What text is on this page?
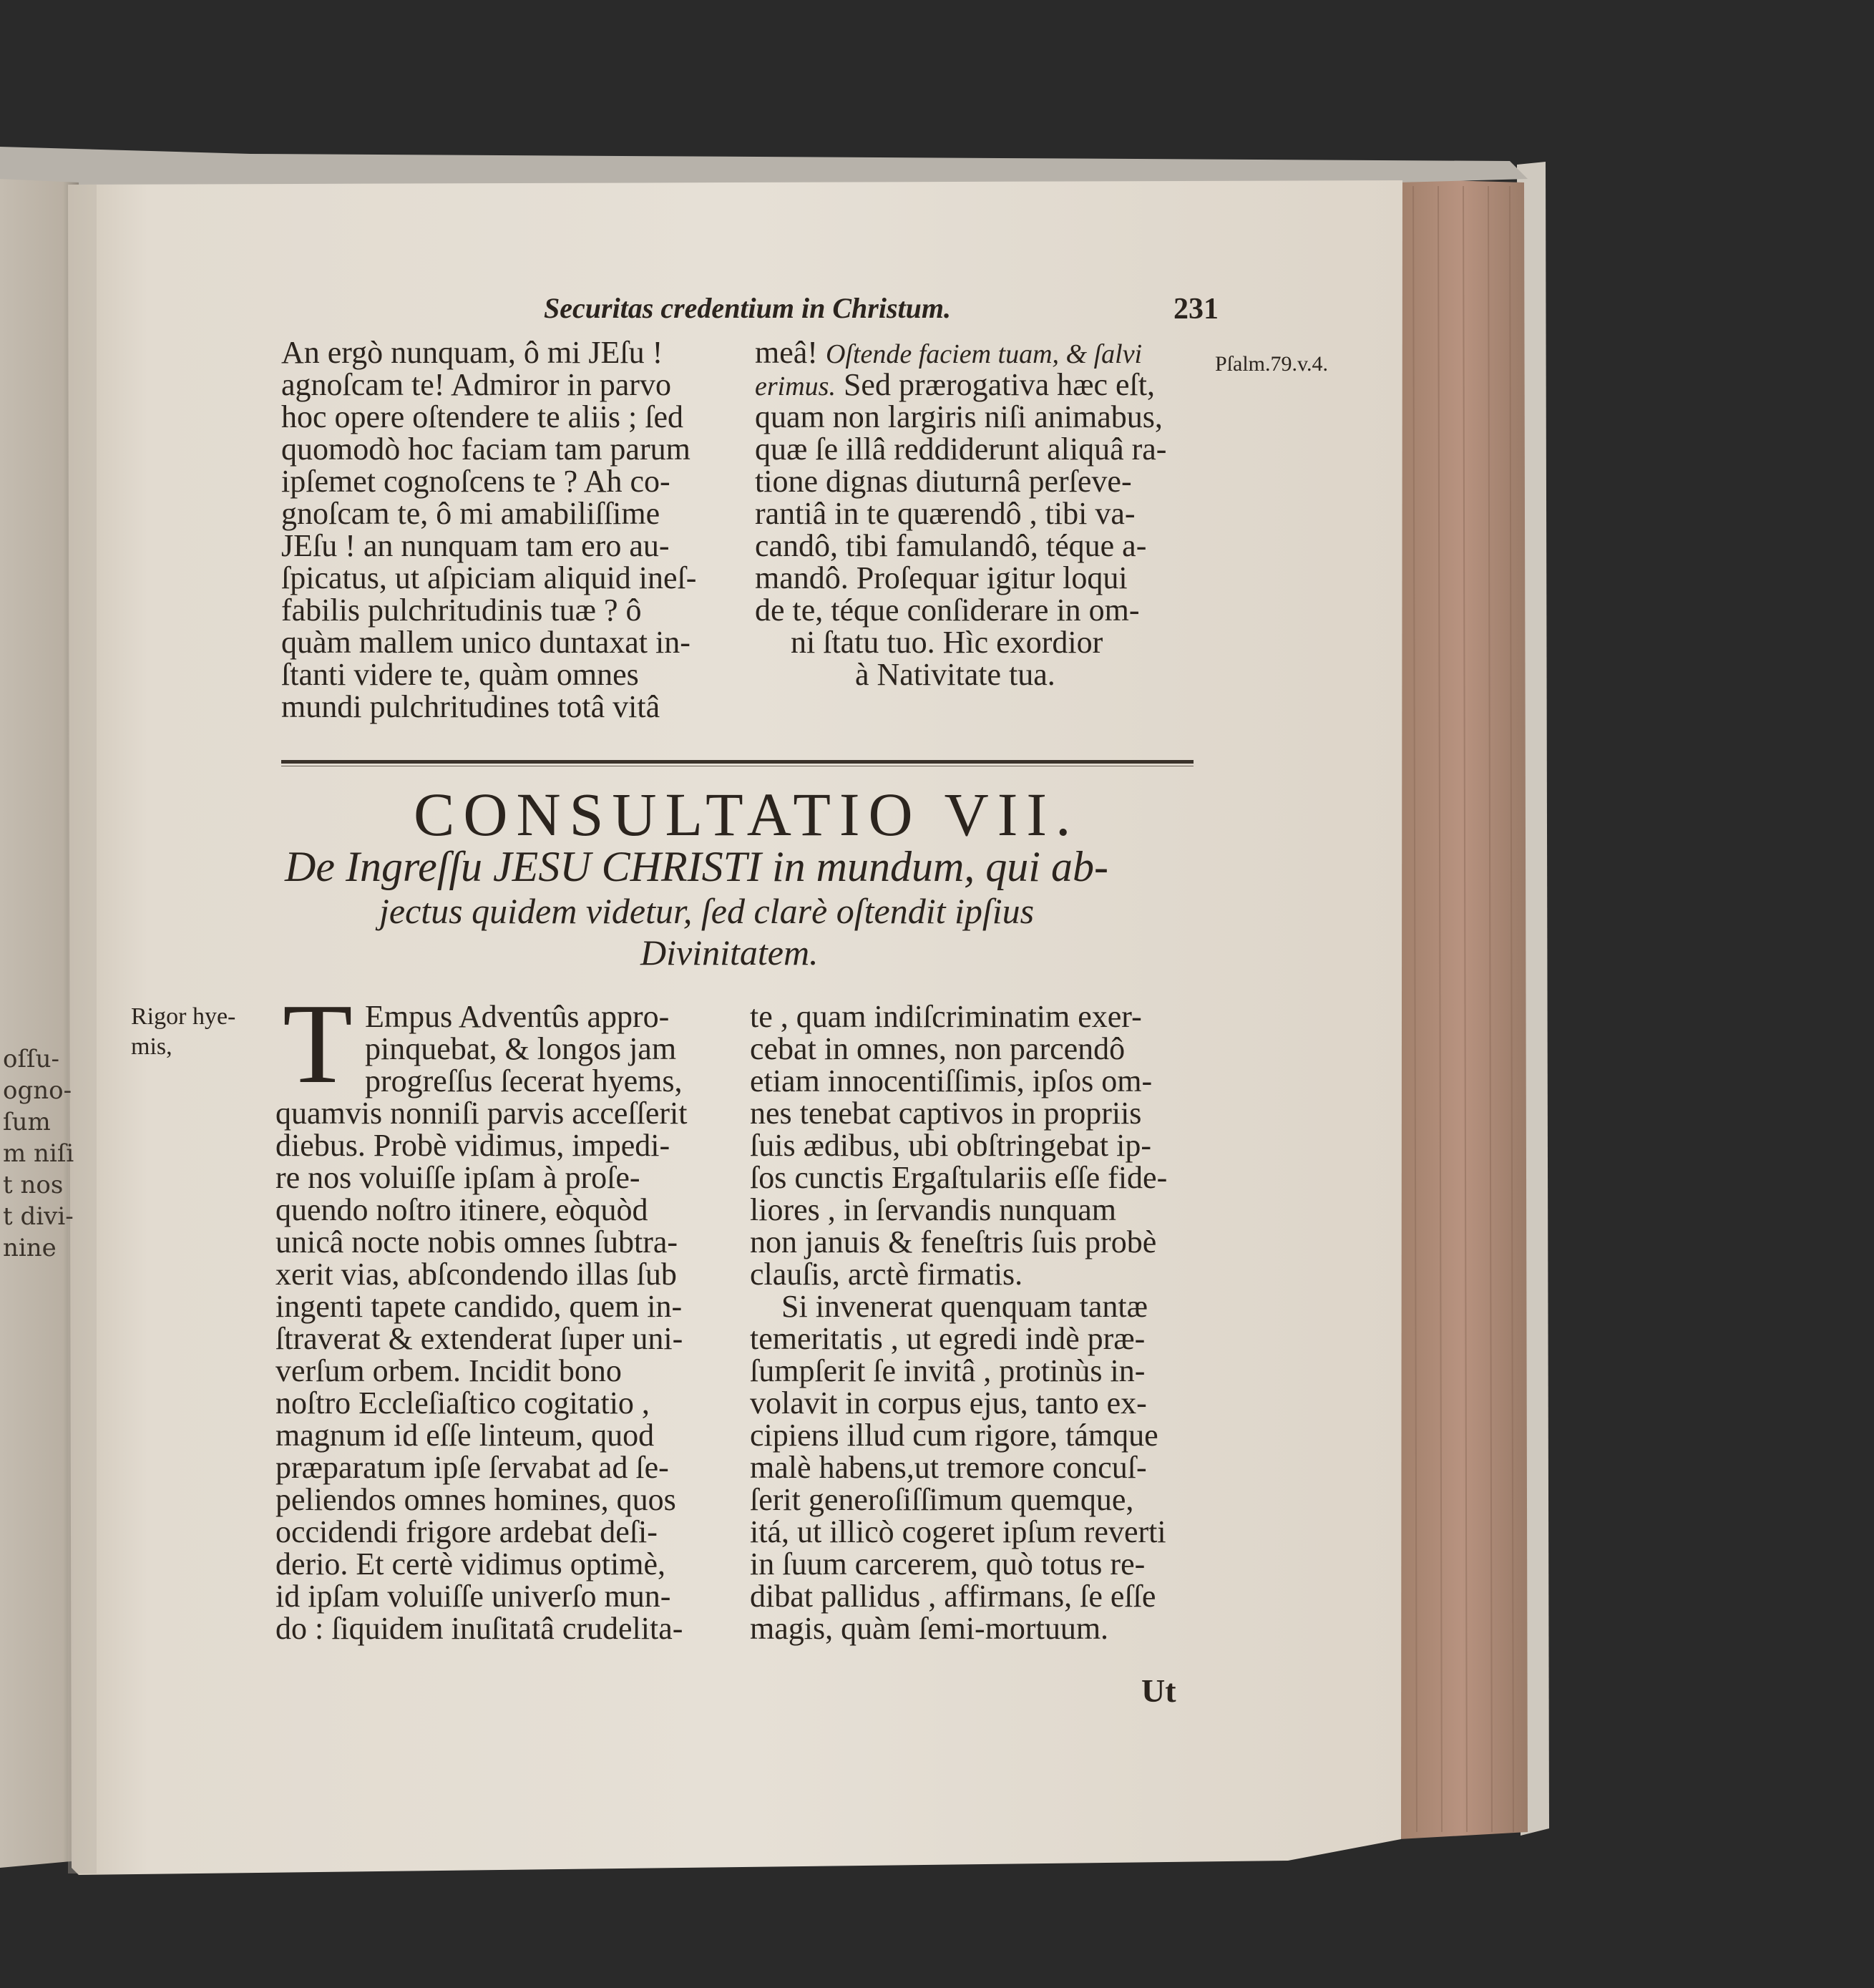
oſſu-
ogno-
ſum
m niſi
t nos
t divi-
nine
Securitas credentium in Christum.	231
An ergò nunquam, ô mi JEſu !
agnoſcam te! Admiror in parvo
hoc opere oſtendere te aliis ; ſed
quomodò hoc faciam tam parum
ipſemet cognoſcens te ? Ah co-
gnoſcam te, ô mi amabiliſſime
JEſu ! an nunquam tam ero au-
ſpicatus, ut aſpiciam aliquid ineſ-
fabilis pulchritudinis tuæ ? ô
quàm mallem unico duntaxat in-
ſtanti videre te, quàm omnes
mundi pulchritudines totâ vitâ
meâ! Oſtende faciem tuam, & ſalvi
erimus. Sed prærogativa hæc eſt,
quam non largiris niſi animabus,
quæ ſe illâ reddiderunt aliquâ ra-
tione dignas diuturnâ perſeve-
rantiâ in te quærendô , tibi va-
candô, tibi famulandô, téque a-
mandô. Proſequar igitur loqui
de te, téque conſiderare in om-
ni ſtatu tuo. Hìc exordior
à Nativitate tua.
Pſalm.79.v.4.
CONSULTATIO VII.
De Ingreſſu JESU CHRISTI in mundum, qui ab-
jectus quidem videtur, ſed clarè oſtendit ipſius
Divinitatem.
Rigor hye-
mis, T Empus Adventûs appro-
pinquebat, & longos jam
progreſſus ſecerat hyems,
quamvis nonniſi parvis acceſſerit
diebus. Probè vidimus, impedi-
re nos voluiſſe ipſam à proſe-
quendo noſtro itinere, eòquòd
unicâ nocte nobis omnes ſubtra-
xerit vias, abſcondendo illas ſub
ingenti tapete candido, quem in-
ſtraverat & extenderat ſuper uni-
verſum orbem. Incidit bono
noſtro Eccleſiaſtico cogitatio ,
magnum id eſſe linteum, quod
præparatum ipſe ſervabat ad ſe-
peliendos omnes homines, quos
occidendi frigore ardebat deſi-
derio. Et certè vidimus optimè,
id ipſam voluiſſe univerſo mun-
do : ſiquidem inuſitatâ crudelita-
te , quam indiſcriminatim exer-
cebat in omnes, non parcendô
etiam innocentiſſimis, ipſos om-
nes tenebat captivos in propriis
ſuis ædibus, ubi obſtringebat ip-
ſos cunctis Ergaſtulariis eſſe fide-
liores , in ſervandis nunquam
non januis & feneſtris ſuis probè
clauſis, arctè firmatis.
Si invenerat quenquam tantæ
temeritatis , ut egredi indè præ-
ſumpſerit ſe invitâ , protinùs in-
volavit in corpus ejus, tanto ex-
cipiens illud cum rigore, támque
malè habens,ut tremore concuſ-
ſerit generoſiſſimum quemque,
itá, ut illicò cogeret ipſum reverti
in ſuum carcerem, quò totus re-
dibat pallidus , affirmans, ſe eſſe
magis, quàm ſemi-mortuum.
Ut
